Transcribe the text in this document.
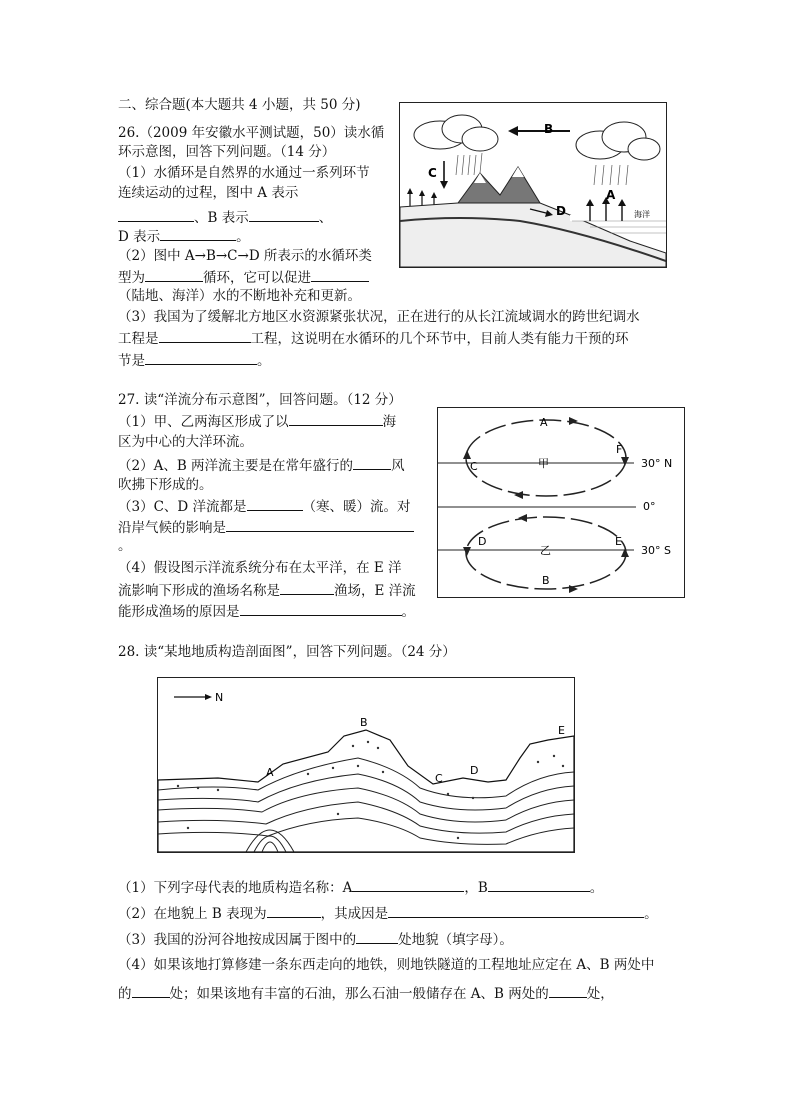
二、综合题(本大题共 4 小题，共 50 分)
26.（2009 年安徽水平测试题，50）读水循
环示意图，回答下列问题。（14 分）
（1）水循环是自然界的水通过一系列环节
连续运动的过程，图中 A 表示
、B 表示	、
D 表示	。
（2）图中 A→B→C→D 所表示的水循环类
型为	循环，它可以促进
（陆地、海洋）水的不断地补充和更新。
（3）我国为了缓解北方地区水资源紧张状况，正在进行的从长江流域调水的跨世纪调水
工程是	工程，这说明在水循环的几个环节中，目前人类有能力干预的环
节是	。
B
C
D
A
海洋
27. 读“洋流分布示意图”，回答问题。（12 分）
（1）甲、乙两海区形成了以	海
区为中心的大洋环流。
（2）A、B 两洋流主要是在常年盛行的	风
吹拂下形成的。
（3）C、D 洋流都是	（寒、暖）流。对
沿岸气候的影响是
。
（4）假设图示洋流系统分布在太平洋，在 E 洋
流影响下形成的渔场名称是	渔场，E 洋流
能形成渔场的原因是	。
A
F
C	甲	30° N
0°
D
乙
E
30° S
B
28. 读“某地地质构造剖面图”，回答下列问题。（24 分）
N
A
B
C
D
E
（1）下列字母代表的地质构造名称：A	，B	。
（2）在地貌上 B 表现为	，其成因是	。
（3）我国的汾河谷地按成因属于图中的	处地貌（填字母）。
（4）如果该地打算修建一条东西走向的地铁，则地铁隧道的工程地址应定在 A、B 两处中
的	处；如果该地有丰富的石油，那么石油一般储存在 A、B 两处的	处，
